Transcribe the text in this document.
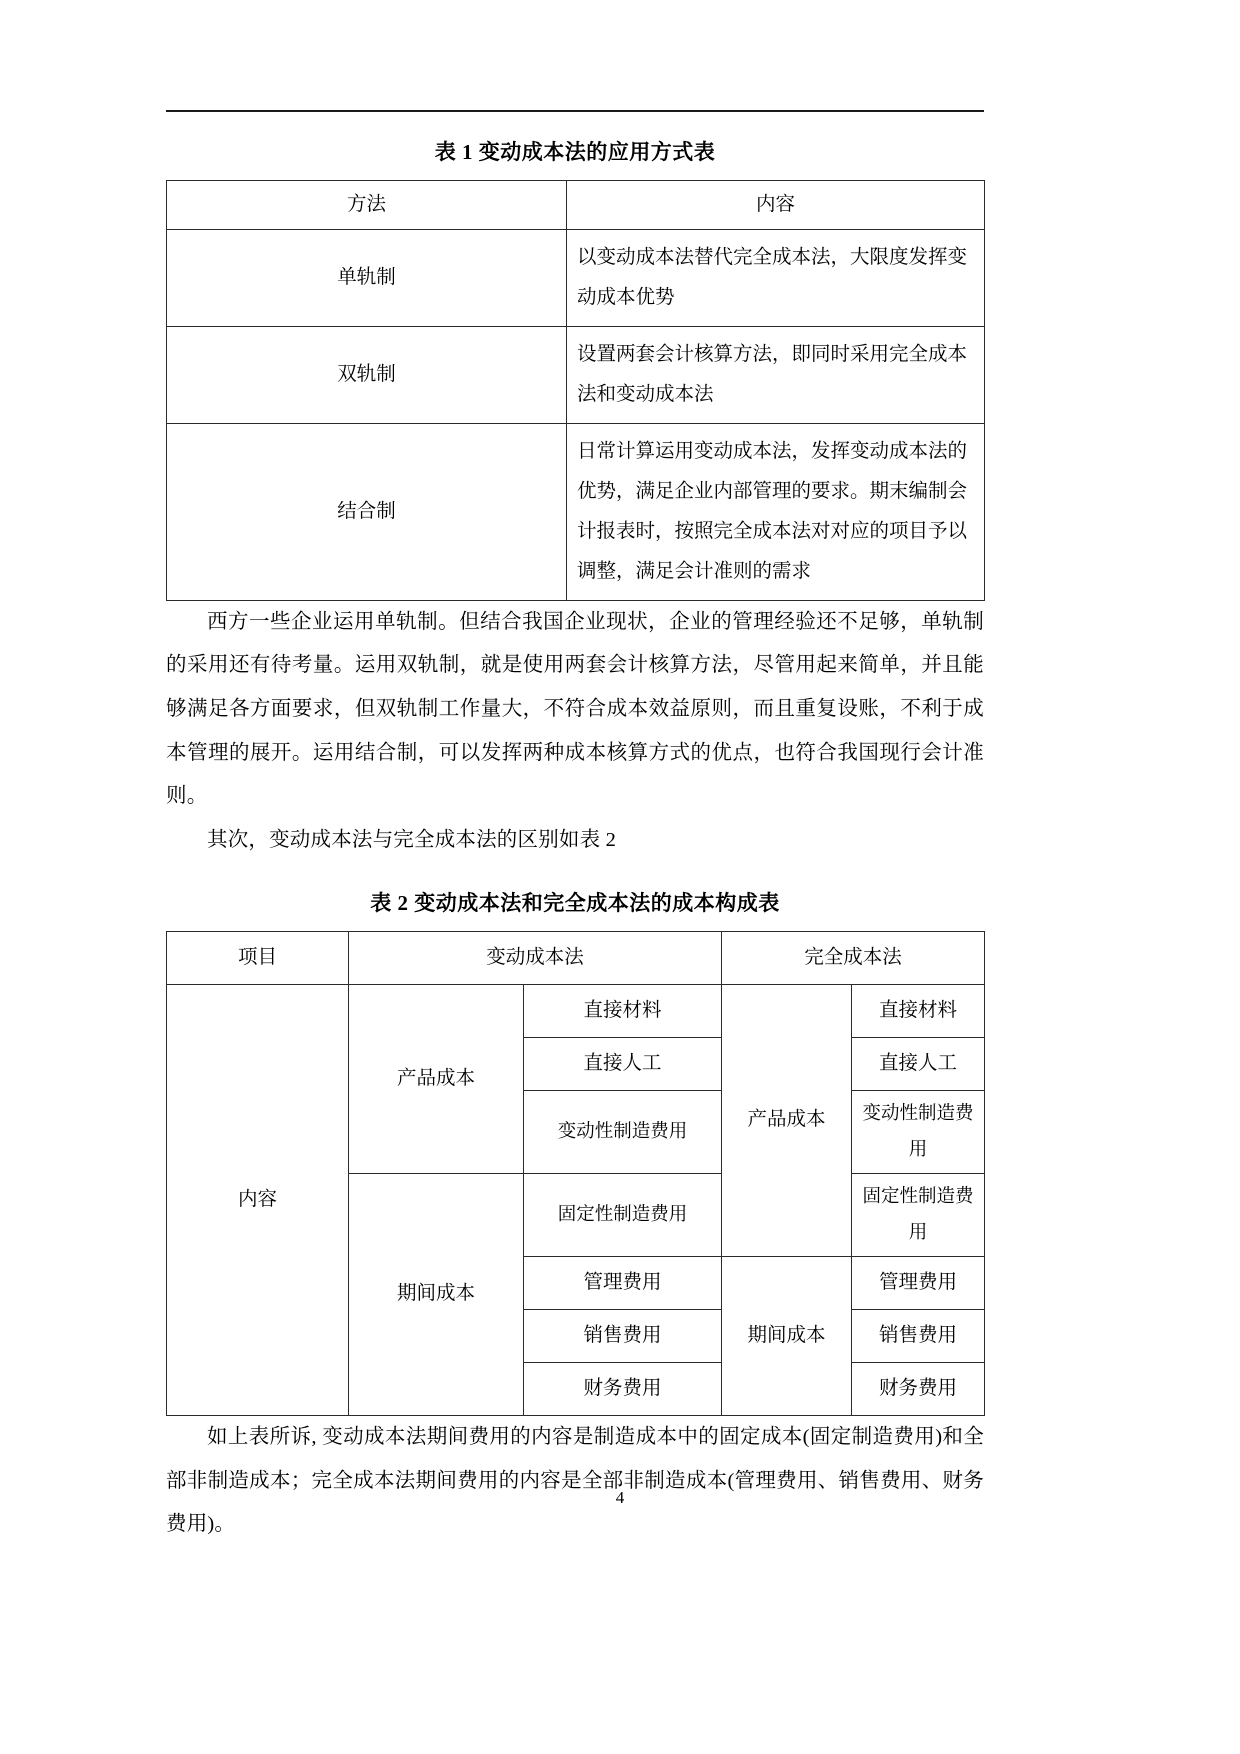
表 1 变动成本法的应用方式表
方法	内容
单轨制	以变动成本法替代完全成本法，大限度发挥变动成本优势
双轨制	设置两套会计核算方法，即同时采用完全成本法和变动成本法
结合制	日常计算运用变动成本法，发挥变动成本法的优势，满足企业内部管理的要求。期末编制会计报表时，按照完全成本法对对应的项目予以调整，满足会计准则的需求

西方一些企业运用单轨制。但结合我国企业现状，企业的管理经验还不足够，单轨制的采用还有待考量。运用双轨制，就是使用两套会计核算方法，尽管用起来简单，并且能够满足各方面要求，但双轨制工作量大，不符合成本效益原则，而且重复设账，不利于成本管理的展开。运用结合制，可以发挥两种成本核算方式的优点，也符合我国现行会计准则。

其次，变动成本法与完全成本法的区别如表 2

表 2 变动成本法和完全成本法的成本构成表
项目	变动成本法		完全成本法	
内容	产品成本	直接材料	产品成本	直接材料
		直接人工		直接人工
		变动性制造费用		变动性制造费用
	期间成本	固定性制造费用		固定性制造费用
		管理费用	期间成本	管理费用
		销售费用		销售费用
		财务费用		财务费用

如上表所诉, 变动成本法期间费用的内容是制造成本中的固定成本(固定制造费用)和全部非制造成本；完全成本法期间费用的内容是全部非制造成本(管理费用、销售费用、财务费用)。

4
